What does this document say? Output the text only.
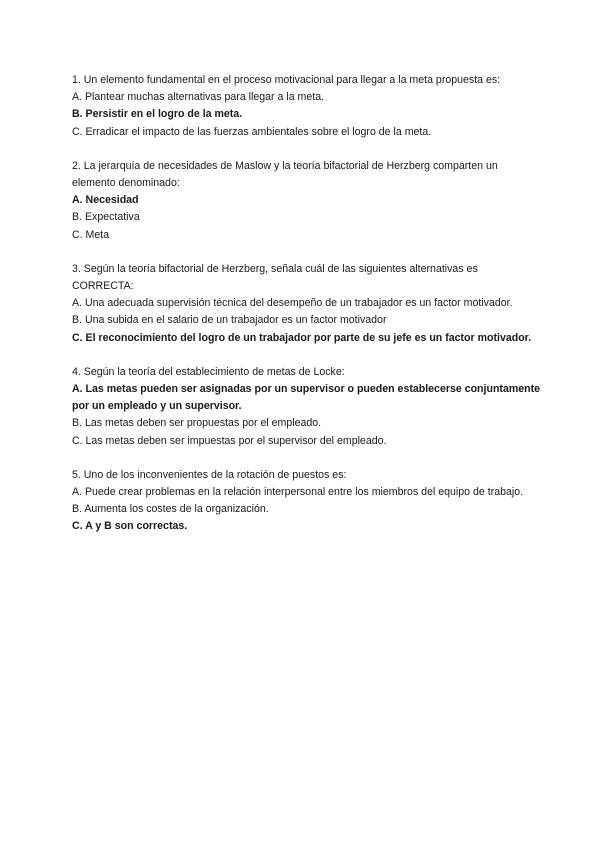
1. Un elemento fundamental en el proceso motivacional para llegar a la meta propuesta es:
A. Plantear muchas alternativas para llegar a la meta.
B. Persistir en el logro de la meta.
C. Erradicar el impacto de las fuerzas ambientales sobre el logro de la meta.
2. La jerarquía de necesidades de Maslow y la teoría bifactorial de Herzberg comparten un elemento denominado:
A. Necesidad
B. Expectativa
C. Meta
3. Según la teoría bifactorial de Herzberg, señala cuál de las siguientes alternativas es CORRECTA:
A. Una adecuada supervisión técnica del desempeño de un trabajador es un factor motivador.
B. Una subida en el salario de un trabajador es un factor motivador
C. El reconocimiento del logro de un trabajador por parte de su jefe es un factor motivador.
4. Según la teoría del establecimiento de metas de Locke:
A. Las metas pueden ser asignadas por un supervisor o pueden establecerse conjuntamente por un empleado y un supervisor.
B. Las metas deben ser propuestas por el empleado.
C. Las metas deben ser impuestas por el supervisor del empleado.
5. Uno de los inconvenientes de la rotación de puestos es:
A. Puede crear problemas en la relación interpersonal entre los miembros del equipo de trabajo.
B. Aumenta los costes de la organización.
C. A y B son correctas.
